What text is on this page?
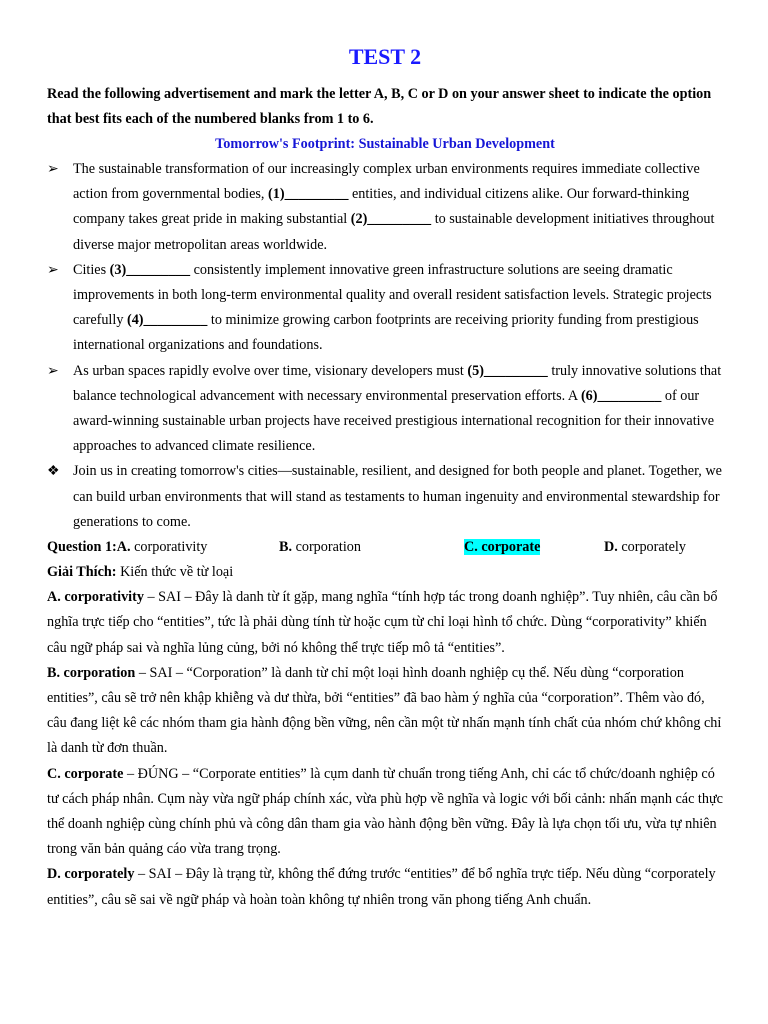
TEST 2

Read the following advertisement and mark the letter A, B, C or D on your answer sheet to indicate the option that best fits each of the numbered blanks from 1 to 6.

Tomorrow's Footprint: Sustainable Urban Development

➢ The sustainable transformation of our increasingly complex urban environments requires immediate collective action from governmental bodies, (1)_________ entities, and individual citizens alike. Our forward-thinking company takes great pride in making substantial (2)_________ to sustainable development initiatives throughout diverse major metropolitan areas worldwide.
➢ Cities (3)_________ consistently implement innovative green infrastructure solutions are seeing dramatic improvements in both long-term environmental quality and overall resident satisfaction levels. Strategic projects carefully (4)_________ to minimize growing carbon footprints are receiving priority funding from prestigious international organizations and foundations.
➢ As urban spaces rapidly evolve over time, visionary developers must (5)_________ truly innovative solutions that balance technological advancement with necessary environmental preservation efforts. A (6)_________ of our award-winning sustainable urban projects have received prestigious international recognition for their innovative approaches to advanced climate resilience.
❖ Join us in creating tomorrow's cities—sustainable, resilient, and designed for both people and planet. Together, we can build urban environments that will stand as testaments to human ingenuity and environmental stewardship for generations to come.
Question 1:A. corporativity	B. corporation	C. corporate	D. corporately

Giải Thích: Kiến thức về từ loại

A. corporativity – SAI – Đây là danh từ ít gặp, mang nghĩa “tính hợp tác trong doanh nghiệp”. Tuy nhiên, câu cần bổ nghĩa trực tiếp cho “entities”, tức là phải dùng tính từ hoặc cụm từ chỉ loại hình tổ chức. Dùng “corporativity” khiến câu ngữ pháp sai và nghĩa lủng củng, bởi nó không thể trực tiếp mô tả “entities”.

B. corporation – SAI – “Corporation” là danh từ chỉ một loại hình doanh nghiệp cụ thể. Nếu dùng “corporation entities”, câu sẽ trở nên khập khiễng và dư thừa, bởi “entities” đã bao hàm ý nghĩa của “corporation”. Thêm vào đó, câu đang liệt kê các nhóm tham gia hành động bền vững, nên cần một từ nhấn mạnh tính chất của nhóm chứ không chỉ là danh từ đơn thuần.

C. corporate – ĐÚNG – “Corporate entities” là cụm danh từ chuẩn trong tiếng Anh, chỉ các tổ chức/doanh nghiệp có tư cách pháp nhân. Cụm này vừa ngữ pháp chính xác, vừa phù hợp về nghĩa và logic với bối cảnh: nhấn mạnh các thực thể doanh nghiệp cùng chính phủ và công dân tham gia vào hành động bền vững. Đây là lựa chọn tối ưu, vừa tự nhiên trong văn bản quảng cáo vừa trang trọng.

D. corporately – SAI – Đây là trạng từ, không thể đứng trước “entities” để bổ nghĩa trực tiếp. Nếu dùng “corporately entities”, câu sẽ sai về ngữ pháp và hoàn toàn không tự nhiên trong văn phong tiếng Anh chuẩn.
